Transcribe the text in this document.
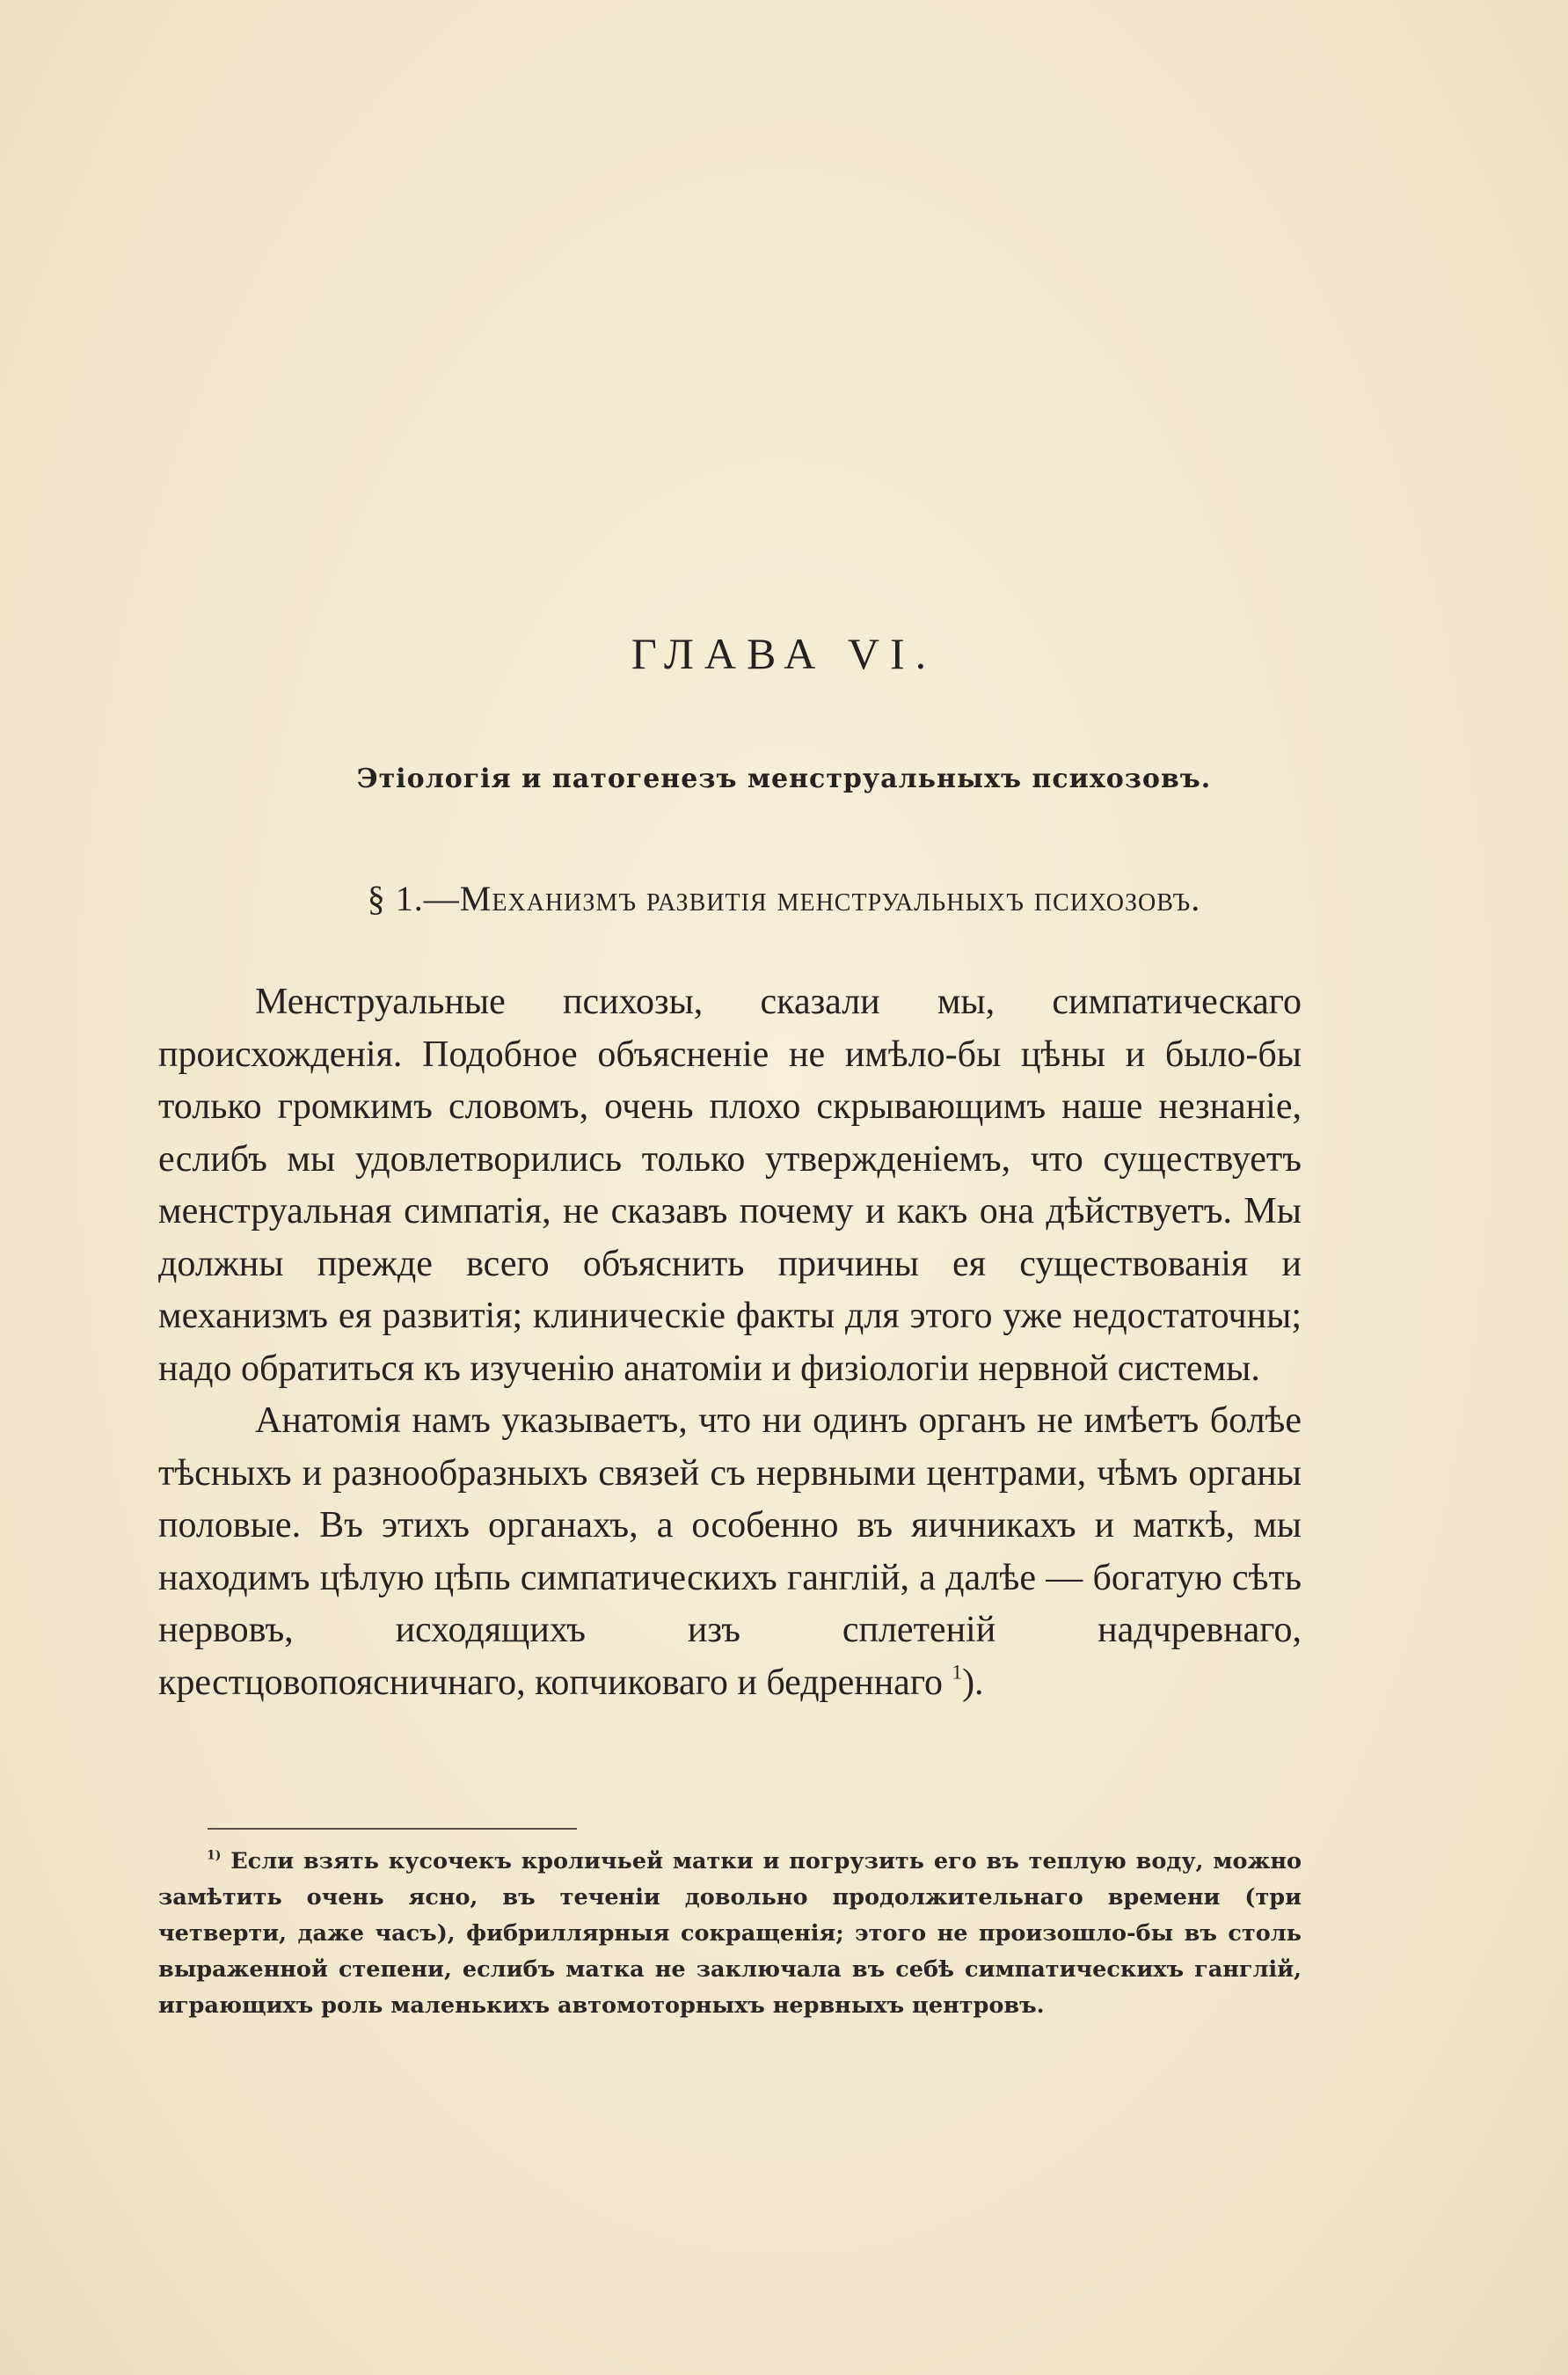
ГЛАВА VI.
Этіологія и патогенезъ менструальныхъ психозовъ.
§ 1.—Механизмъ развитія менструальныхъ психозовъ.

Менструальные психозы, сказали мы, симпатическаго происхожденія. Подобное объясненіе не имѣло-бы цѣны и было-бы только громкимъ словомъ, очень плохо скрывающимъ наше незнаніе, еслибъ мы удовлетворились только утвержденіемъ, что существуетъ менструальная симпатія, не сказавъ почему и какъ она дѣйствуетъ. Мы должны прежде всего объяснить причины ея существованія и механизмъ ея развитія; клиническіе факты для этого уже недостаточны; надо обратиться къ изученію анатоміи и физіологіи нервной системы.

Анатомія намъ указываетъ, что ни одинъ органъ не имѣетъ болѣе тѣсныхъ и разнообразныхъ связей съ нервными центрами, чѣмъ органы половые. Въ этихъ органахъ, а особенно въ яичникахъ и маткѣ, мы находимъ цѣлую цѣпь симпатическихъ ганглій, а далѣе — богатую сѣть нервовъ, исходящихъ изъ сплетеній надчревнаго, крестцовопоясничнаго, копчиковаго и бедреннаго $^1$).

$^{1)}$ Если взять кусочекъ кроличьей матки и погрузить его въ теплую воду, можно замѣтить очень ясно, въ теченіи довольно продолжительнаго времени (три четверти, даже часъ), фибриллярныя сокращенія; этого не произошло-бы въ столь выраженной степени, еслибъ матка не заключала въ себѣ симпатическихъ ганглій, играющихъ роль маленькихъ автомоторныхъ нервныхъ центровъ.
